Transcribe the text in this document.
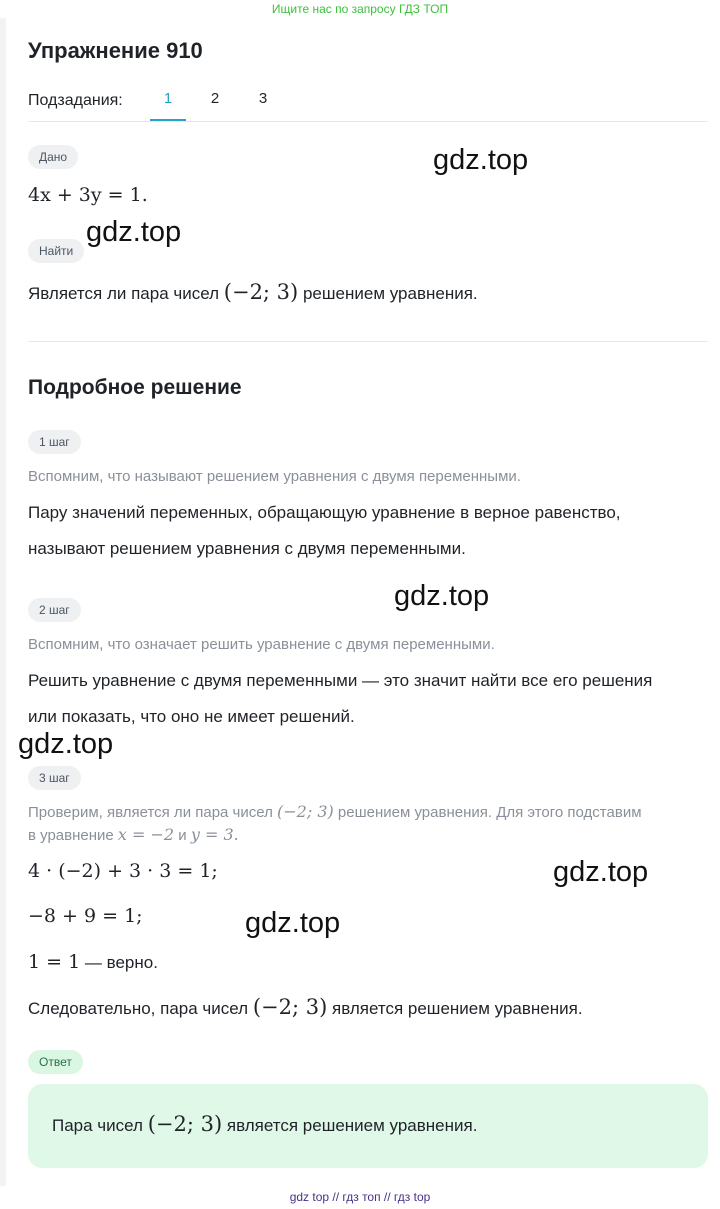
Ищите нас по запросу ГДЗ ТОП
Упражнение 910
Подзадания:	1	2	3
Дано
4x + 3y = 1.
Найти
Является ли пара чисел (−2; 3) решением уравнения.
Подробное решение
1 шаг
Вспомним, что называют решением уравнения с двумя переменными.
Пару значений переменных, обращающую уравнение в верное равенство,
называют решением уравнения с двумя переменными.
2 шаг
Вспомним, что означает решить уравнение с двумя переменными.
Решить уравнение с двумя переменными — это значит найти все его решения
или показать, что оно не имеет решений.
3 шаг
Проверим, является ли пара чисел (−2; 3) решением уравнения. Для этого подставим
в уравнение x = −2 и y = 3.
4 · (−2) + 3 · 3 = 1;
−8 + 9 = 1;
1 = 1 — верно.
Следовательно, пара чисел (−2; 3) является решением уравнения.
Ответ
Пара чисел (−2; 3) является решением уравнения.
gdz.top
gdz.top
gdz.top
gdz.top
gdz.top
gdz.top
gdz top // гдз топ // гдз top
